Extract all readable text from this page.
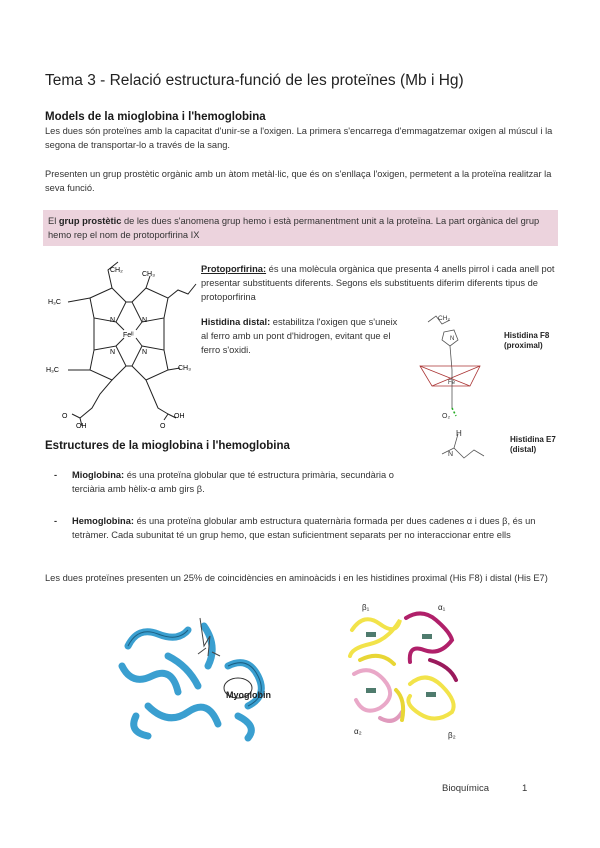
Tema 3 - Relació estructura-funció de les proteïnes (Mb i Hg)
Models de la mioglobina i l'hemoglobina
Les dues són proteïnes amb la capacitat d'unir-se a l'oxigen. La primera s'encarrega d'emmagatzemar oxigen al múscul i la segona de transportar-lo a través de la sang.
Presenten un grup prostètic orgànic amb un àtom metàl·lic, que és on s'enllaça l'oxigen, permetent a la proteïna realitzar la seva funció.
El grup prostètic de les dues s'anomena grup hemo i està permanentment unit a la proteïna. La part orgànica del grup hemo rep el nom de protoporfirina IX
CH₂
CH₃
H₃C
H₃C	CH₃
Feᴵᴵ
N	N
N	N
O
OH	O
OH
Protoporfirina: és una molècula orgànica que presenta 4 anells pirrol i cada anell pot presentar substituents diferents. Segons els substituents diferim diferents tipus de protoporfirina
Histidina distal: estabilitza l'oxigen que s'uneix al ferro amb un pont d'hidrogen, evitant que el ferro s'oxidi.
CH₂
N
Fe
O₂
H
N
Histidina F8
(proximal)
Histidina E7
(distal)
Estructures de la mioglobina i l'hemoglobina
- Mioglobina: és una proteïna globular que té estructura primària, secundària o terciària amb hèlix-α amb girs β.
- Hemoglobina: és una proteïna globular amb estructura quaternària formada per dues cadenes α i dues β, és un tetràmer. Cada subunitat té un grup hemo, que estan suficientment separats per no interaccionar entre ells
Les dues proteïnes presenten un 25% de coincidències en aminoàcids i en les histidines proximal (His F8) i distal (His E7)
Myoglobin
β₁	α₁
α₂	β₂
Bioquímica	1
